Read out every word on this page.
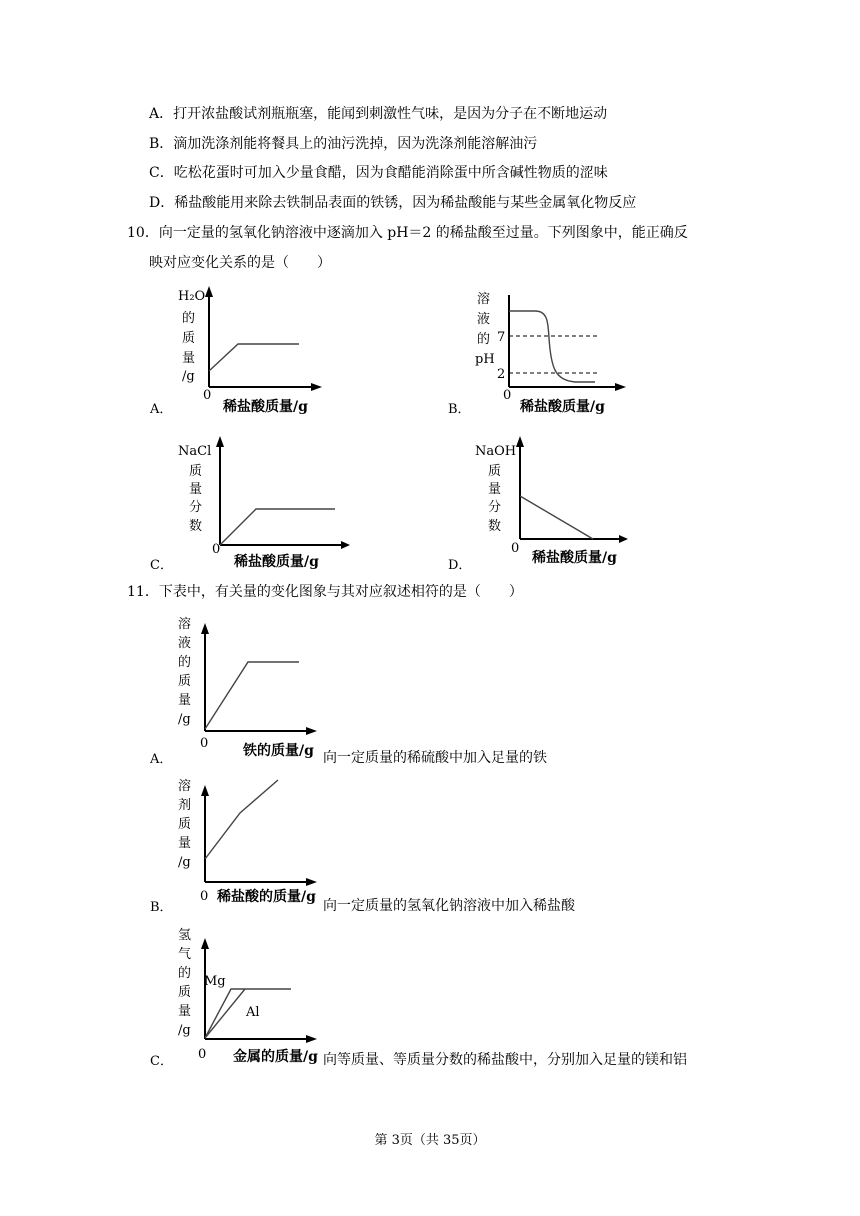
A．打开浓盐酸试剂瓶瓶塞，能闻到刺激性气味，是因为分子在不断地运动
B．滴加洗涤剂能将餐具上的油污洗掉，因为洗涤剂能溶解油污
C．吃松花蛋时可加入少量食醋，因为食醋能消除蛋中所含碱性物质的涩味
D．稀盐酸能用来除去铁制品表面的铁锈，因为稀盐酸能与某些金属氧化物反应
10．向一定量的氢氧化钠溶液中逐滴加入 pH＝2 的稀盐酸至过量。下列图象中，能正确反
映对应变化关系的是（　　）
A．
H₂O
的
质
量
/g
0
稀盐酸质量/g	B．
溶
液
的
pH
7
2
0
稀盐酸质量/g
C．
NaCl
质
量
分
数
0
稀盐酸质量/g	D．
NaOH
质
量
分
数
0
稀盐酸质量/g
11．下表中，有关量的变化图象与其对应叙述相符的是（　　）
A．
溶
液
的
质
量
/g
0 铁的质量/g 向一定质量的稀硫酸中加入足量的铁
B．
溶
剂
质
量
/g
0 稀盐酸的质量/g
向一定质量的氢氧化钠溶液中加入稀盐酸
C．
氢
气
的
质
量
/g
Mg
Al
0 金属的质量/g 向等质量、等质量分数的稀盐酸中，分别加入足量的镁和铝
第 3页（共 35页）
